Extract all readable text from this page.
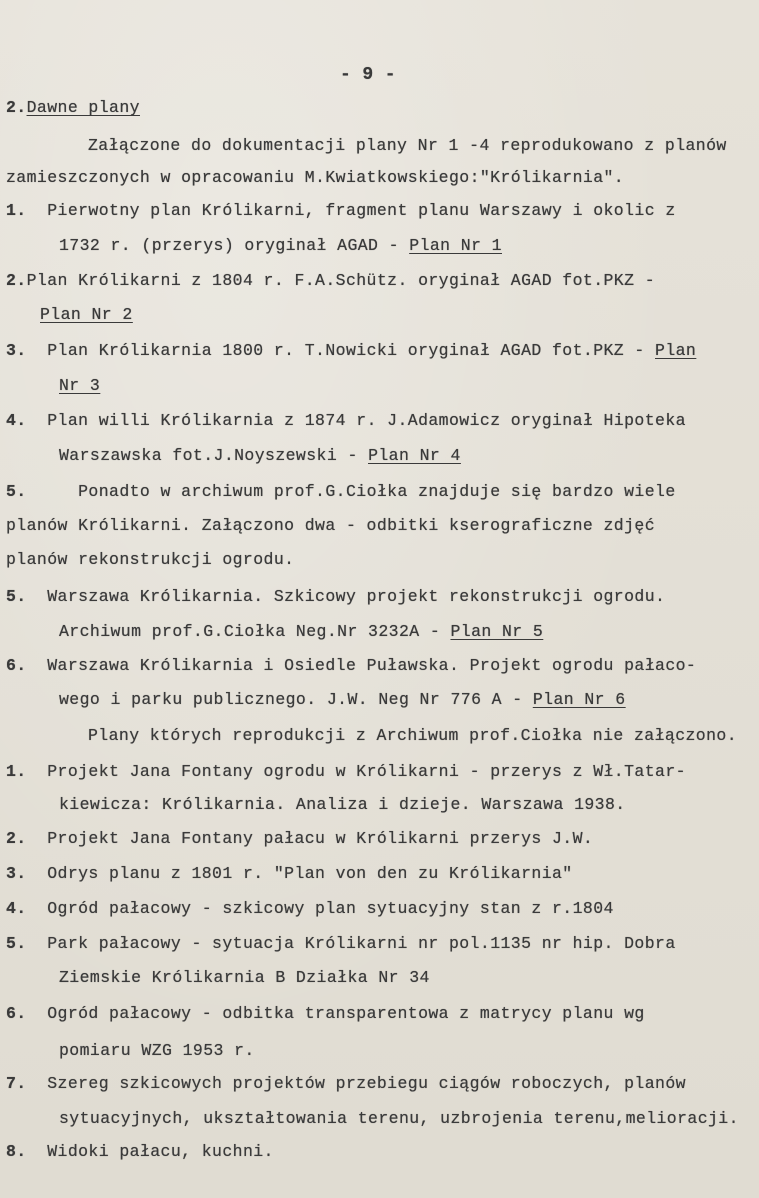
- 9 -
2.Dawne plany
Załączone do dokumentacji plany Nr 1 -4 reprodukowano z planów
zamieszczonych w opracowaniu M.Kwiatkowskiego:"Królikarnia".
1. Pierwotny plan Królikarni, fragment planu Warszawy i okolic z
1732 r. (przerys) oryginał AGAD - Plan Nr 1
2.Plan Królikarni z 1804 r. F.A.Schütz. oryginał AGAD fot.PKZ -
Plan Nr 2
3. Plan Królikarnia 1800 r. T.Nowicki oryginał AGAD fot.PKZ - Plan
Nr 3
4. Plan willi Królikarnia z 1874 r. J.Adamowicz oryginał Hipoteka
Warszawska fot.J.Noyszewski - Plan Nr 4
5.	Ponadto w archiwum prof.G.Ciołka znajduje się bardzo wiele
planów Królikarni. Załączono dwa - odbitki kserograficzne zdjęć
planów rekonstrukcji ogrodu.
5. Warszawa Królikarnia. Szkicowy projekt rekonstrukcji ogrodu.
Archiwum prof.G.Ciołka Neg.Nr 3232A - Plan Nr 5
6. Warszawa Królikarnia i Osiedle Puławska. Projekt ogrodu pałaco-
wego i parku publicznego. J.W. Neg Nr 776 A - Plan Nr 6
Plany których reprodukcji z Archiwum prof.Ciołka nie załączono.
1. Projekt Jana Fontany ogrodu w Królikarni - przerys z Wł.Tatar-
kiewicza: Królikarnia. Analiza i dzieje. Warszawa 1938.
2. Projekt Jana Fontany pałacu w Królikarni przerys J.W.
3. Odrys planu z 1801 r. "Plan von den zu Królikarnia"
4. Ogród pałacowy - szkicowy plan sytuacyjny stan z r.1804
5. Park pałacowy - sytuacja Królikarni nr pol.1135 nr hip. Dobra
Ziemskie Królikarnia B Działka Nr 34
6. Ogród pałacowy - odbitka transparentowa z matrycy planu wg
pomiaru WZG 1953 r.
7. Szereg szkicowych projektów przebiegu ciągów roboczych, planów
sytuacyjnych, ukształtowania terenu, uzbrojenia terenu,melioracji.
8. Widoki pałacu, kuchni.
